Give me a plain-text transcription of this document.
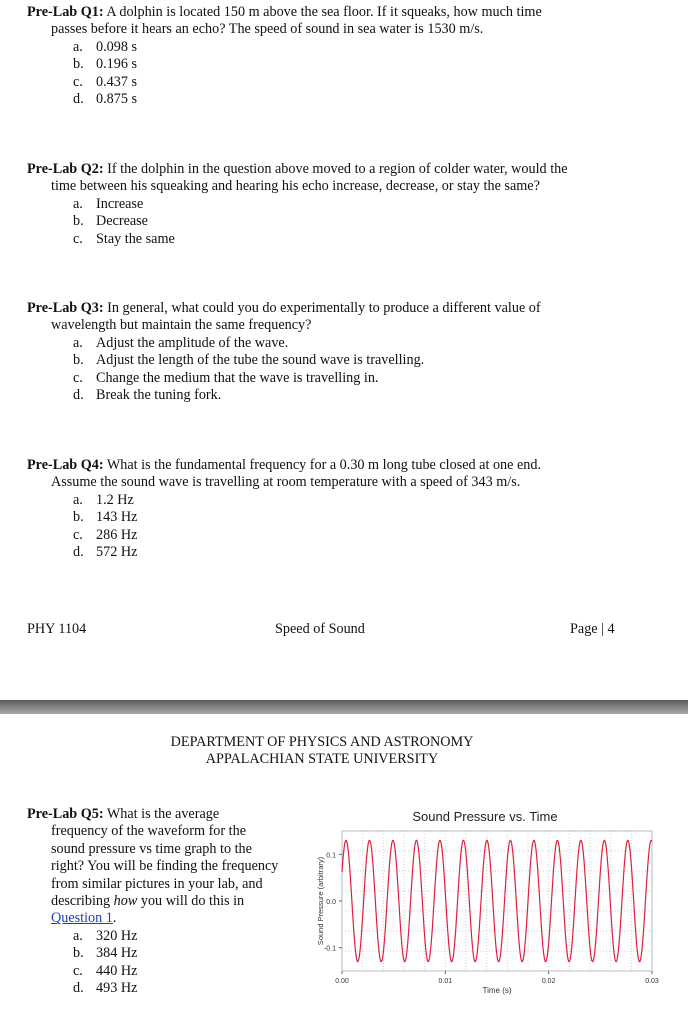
Pre-Lab Q1: A dolphin is located 150 m above the sea floor. If it squeaks, how much time
passes before it hears an echo? The speed of sound in sea water is 1530 m/s.

a. 0.098 s
b. 0.196 s
c. 0.437 s
d. 0.875 s

Pre-Lab Q2: If the dolphin in the question above moved to a region of colder water, would the
time between his squeaking and hearing his echo increase, decrease, or stay the same?

a. Increase
b. Decrease
c. Stay the same

Pre-Lab Q3: In general, what could you do experimentally to produce a different value of
wavelength but maintain the same frequency?

a. Adjust the amplitude of the wave.
b. Adjust the length of the tube the sound wave is travelling.
c. Change the medium that the wave is travelling in.
d. Break the tuning fork.

Pre-Lab Q4: What is the fundamental frequency for a 0.30 m long tube closed at one end.
Assume the sound wave is travelling at room temperature with a speed of 343 m/s.

a. 1.2 Hz
b. 143 Hz
c. 286 Hz
d. 572 Hz
PHY 1104	Speed of Sound	Page | 4
DEPARTMENT OF PHYSICS AND ASTRONOMY
APPALACHIAN STATE UNIVERSITY

Pre-Lab Q5: What is the average
frequency of the waveform for the
sound pressure vs time graph to the
right? You will be finding the frequency
from similar pictures in your lab, and
describing how you will do this in
Question 1.

a. 320 Hz
b. 384 Hz
c. 440 Hz
d. 493 Hz
Sound Pressure vs. Time
0.1
0.0
-0.1
0.00	0.01	0.02	0.03
Sound Pressure (arbitrary)
Time (s)
